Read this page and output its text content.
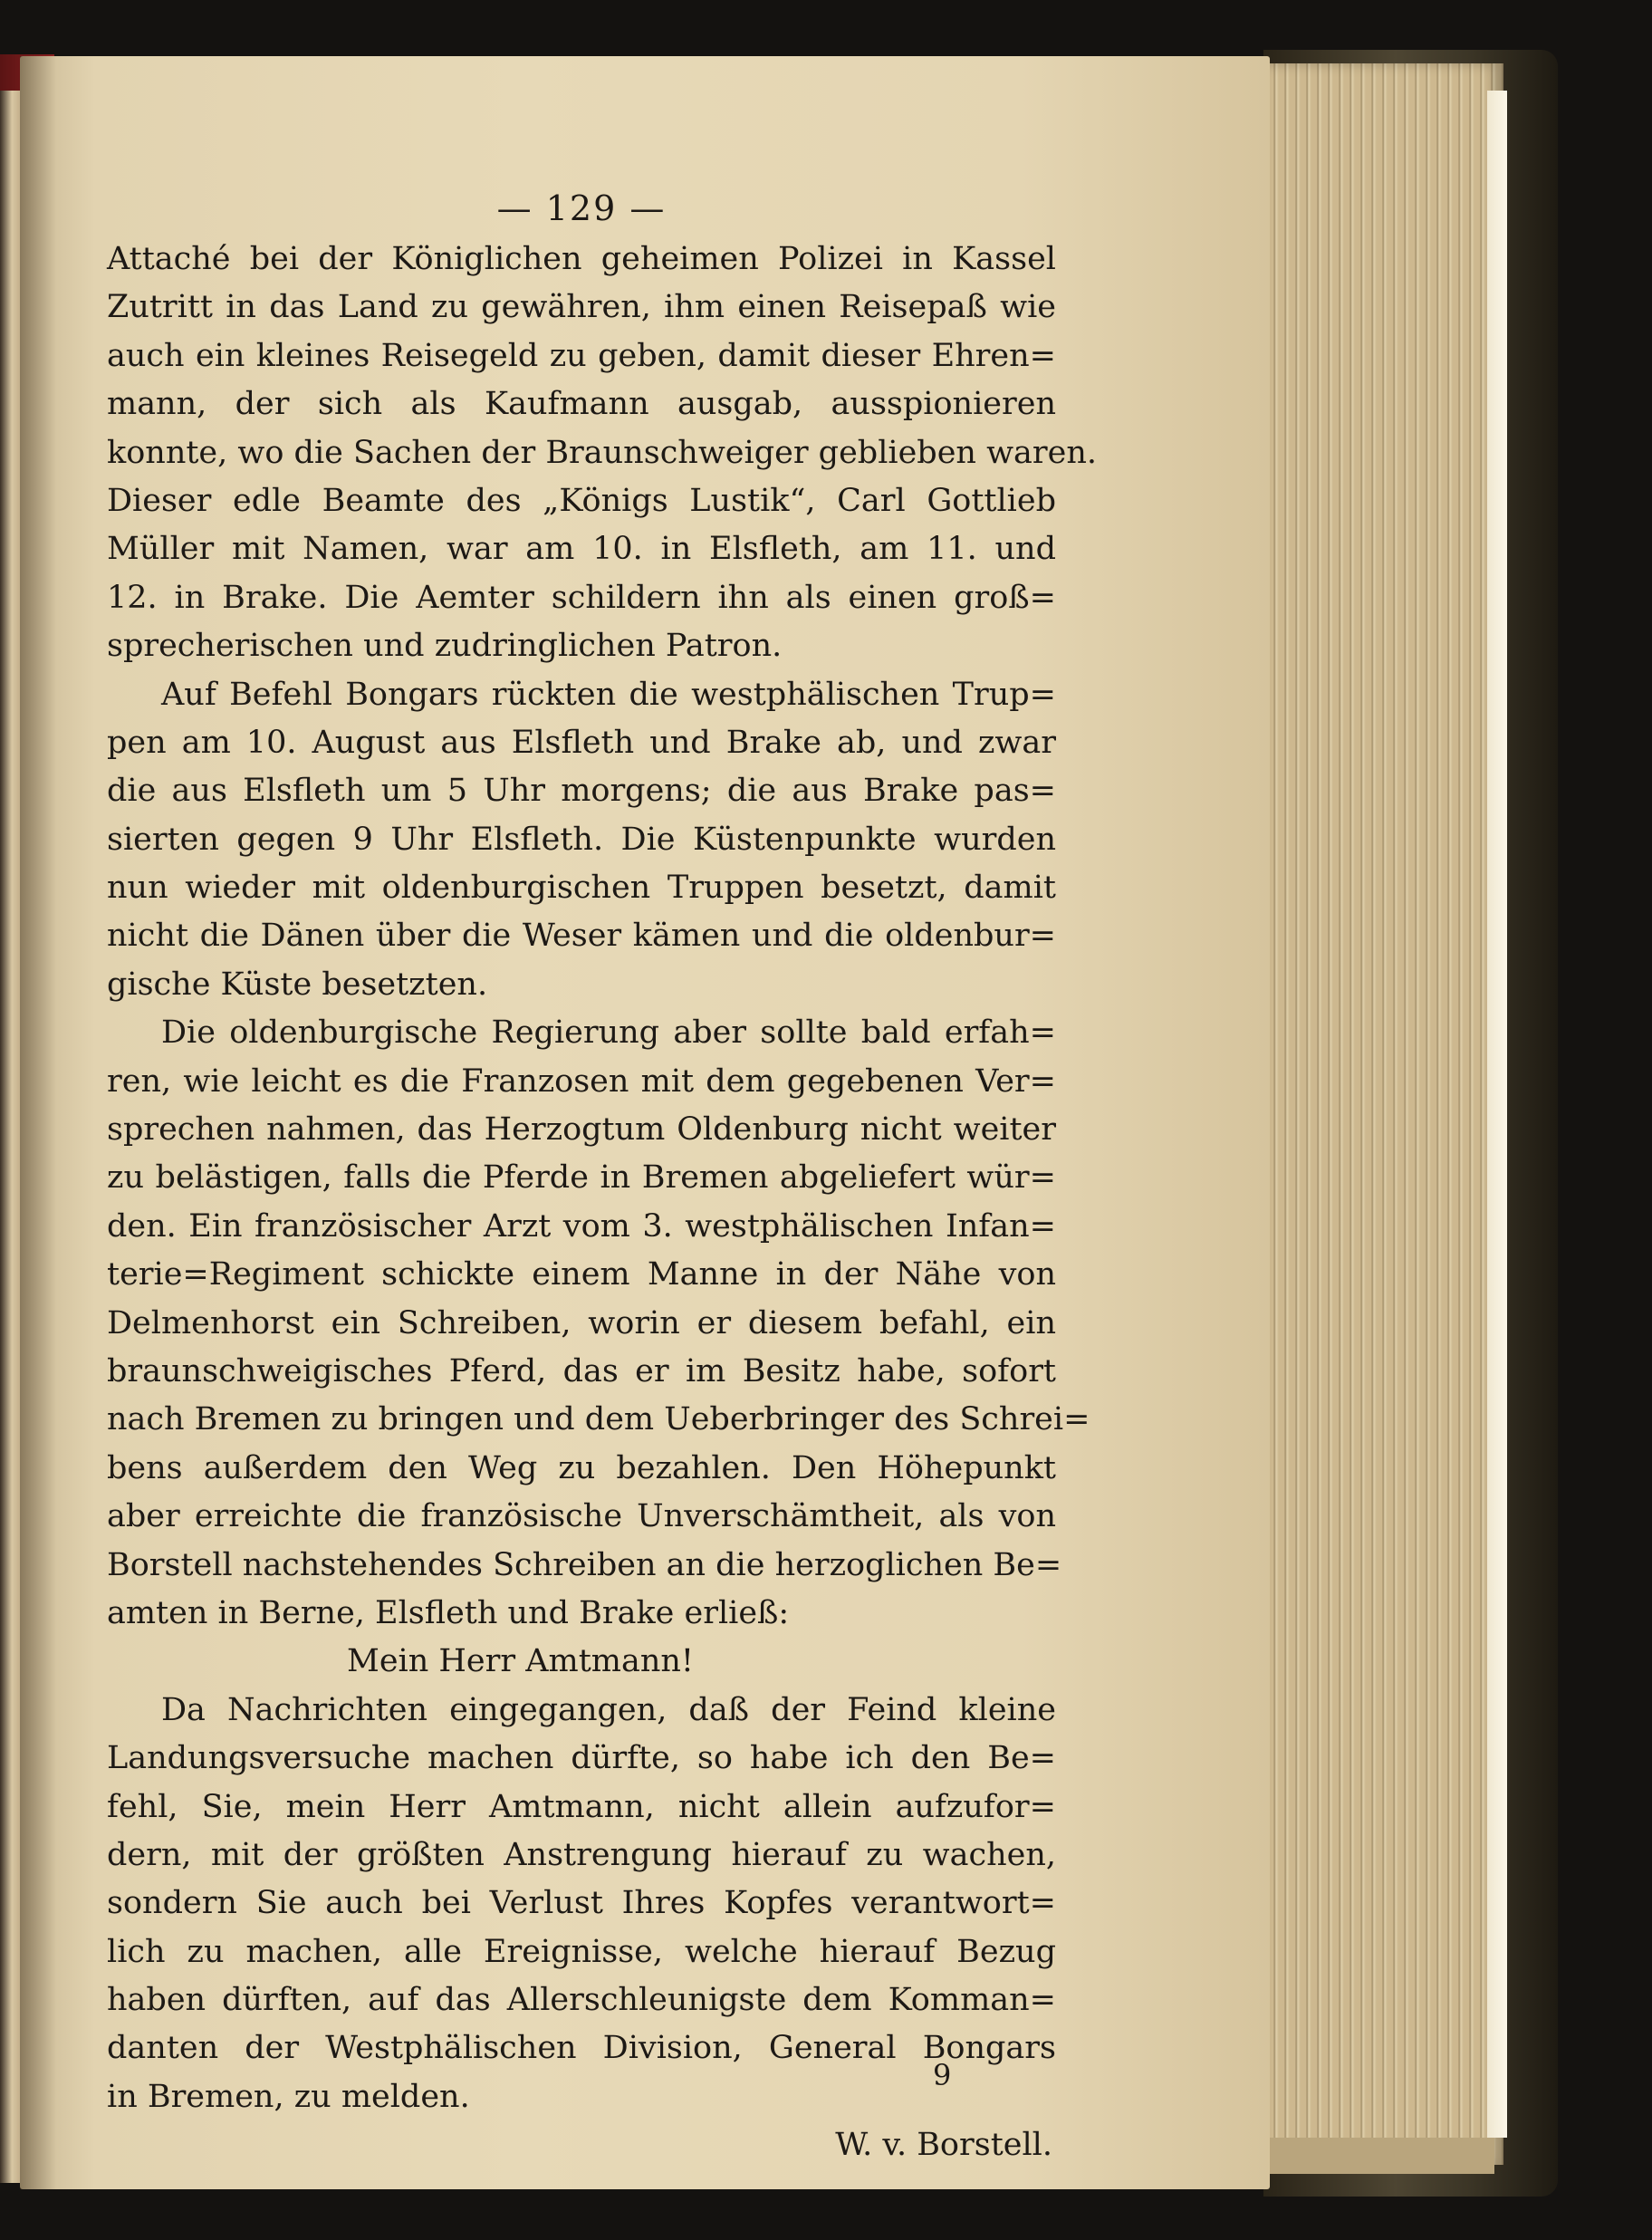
— 129 —
Attaché bei der Königlichen geheimen Polizei in Kassel
Zutritt in das Land zu gewähren, ihm einen Reisepaß wie
auch ein kleines Reisegeld zu geben, damit dieser Ehren=
mann, der sich als Kaufmann ausgab, ausspionieren
konnte, wo die Sachen der Braunschweiger geblieben waren.
Dieser edle Beamte des „Königs Lustik“, Carl Gottlieb
Müller mit Namen, war am 10. in Elsfleth, am 11. und
12. in Brake. Die Aemter schildern ihn als einen groß=
sprecherischen und zudringlichen Patron.
Auf Befehl Bongars rückten die westphälischen Trup=
pen am 10. August aus Elsfleth und Brake ab, und zwar
die aus Elsfleth um 5 Uhr morgens; die aus Brake pas=
sierten gegen 9 Uhr Elsfleth. Die Küstenpunkte wurden
nun wieder mit oldenburgischen Truppen besetzt, damit
nicht die Dänen über die Weser kämen und die oldenbur=
gische Küste besetzten.
Die oldenburgische Regierung aber sollte bald erfah=
ren, wie leicht es die Franzosen mit dem gegebenen Ver=
sprechen nahmen, das Herzogtum Oldenburg nicht weiter
zu belästigen, falls die Pferde in Bremen abgeliefert wür=
den. Ein französischer Arzt vom 3. westphälischen Infan=
terie=Regiment schickte einem Manne in der Nähe von
Delmenhorst ein Schreiben, worin er diesem befahl, ein
braunschweigisches Pferd, das er im Besitz habe, sofort
nach Bremen zu bringen und dem Ueberbringer des Schrei=
bens außerdem den Weg zu bezahlen. Den Höhepunkt
aber erreichte die französische Unverschämtheit, als von
Borstell nachstehendes Schreiben an die herzoglichen Be=
amten in Berne, Elsfleth und Brake erließ:
Mein Herr Amtmann!
Da Nachrichten eingegangen, daß der Feind kleine
Landungsversuche machen dürfte, so habe ich den Be=
fehl, Sie, mein Herr Amtmann, nicht allein aufzufor=
dern, mit der größten Anstrengung hierauf zu wachen,
sondern Sie auch bei Verlust Ihres Kopfes verantwort=
lich zu machen, alle Ereignisse, welche hierauf Bezug
haben dürften, auf das Allerschleunigste dem Komman=
danten der Westphälischen Division, General Bongars
in Bremen, zu melden.
W. v. Borstell.
9
